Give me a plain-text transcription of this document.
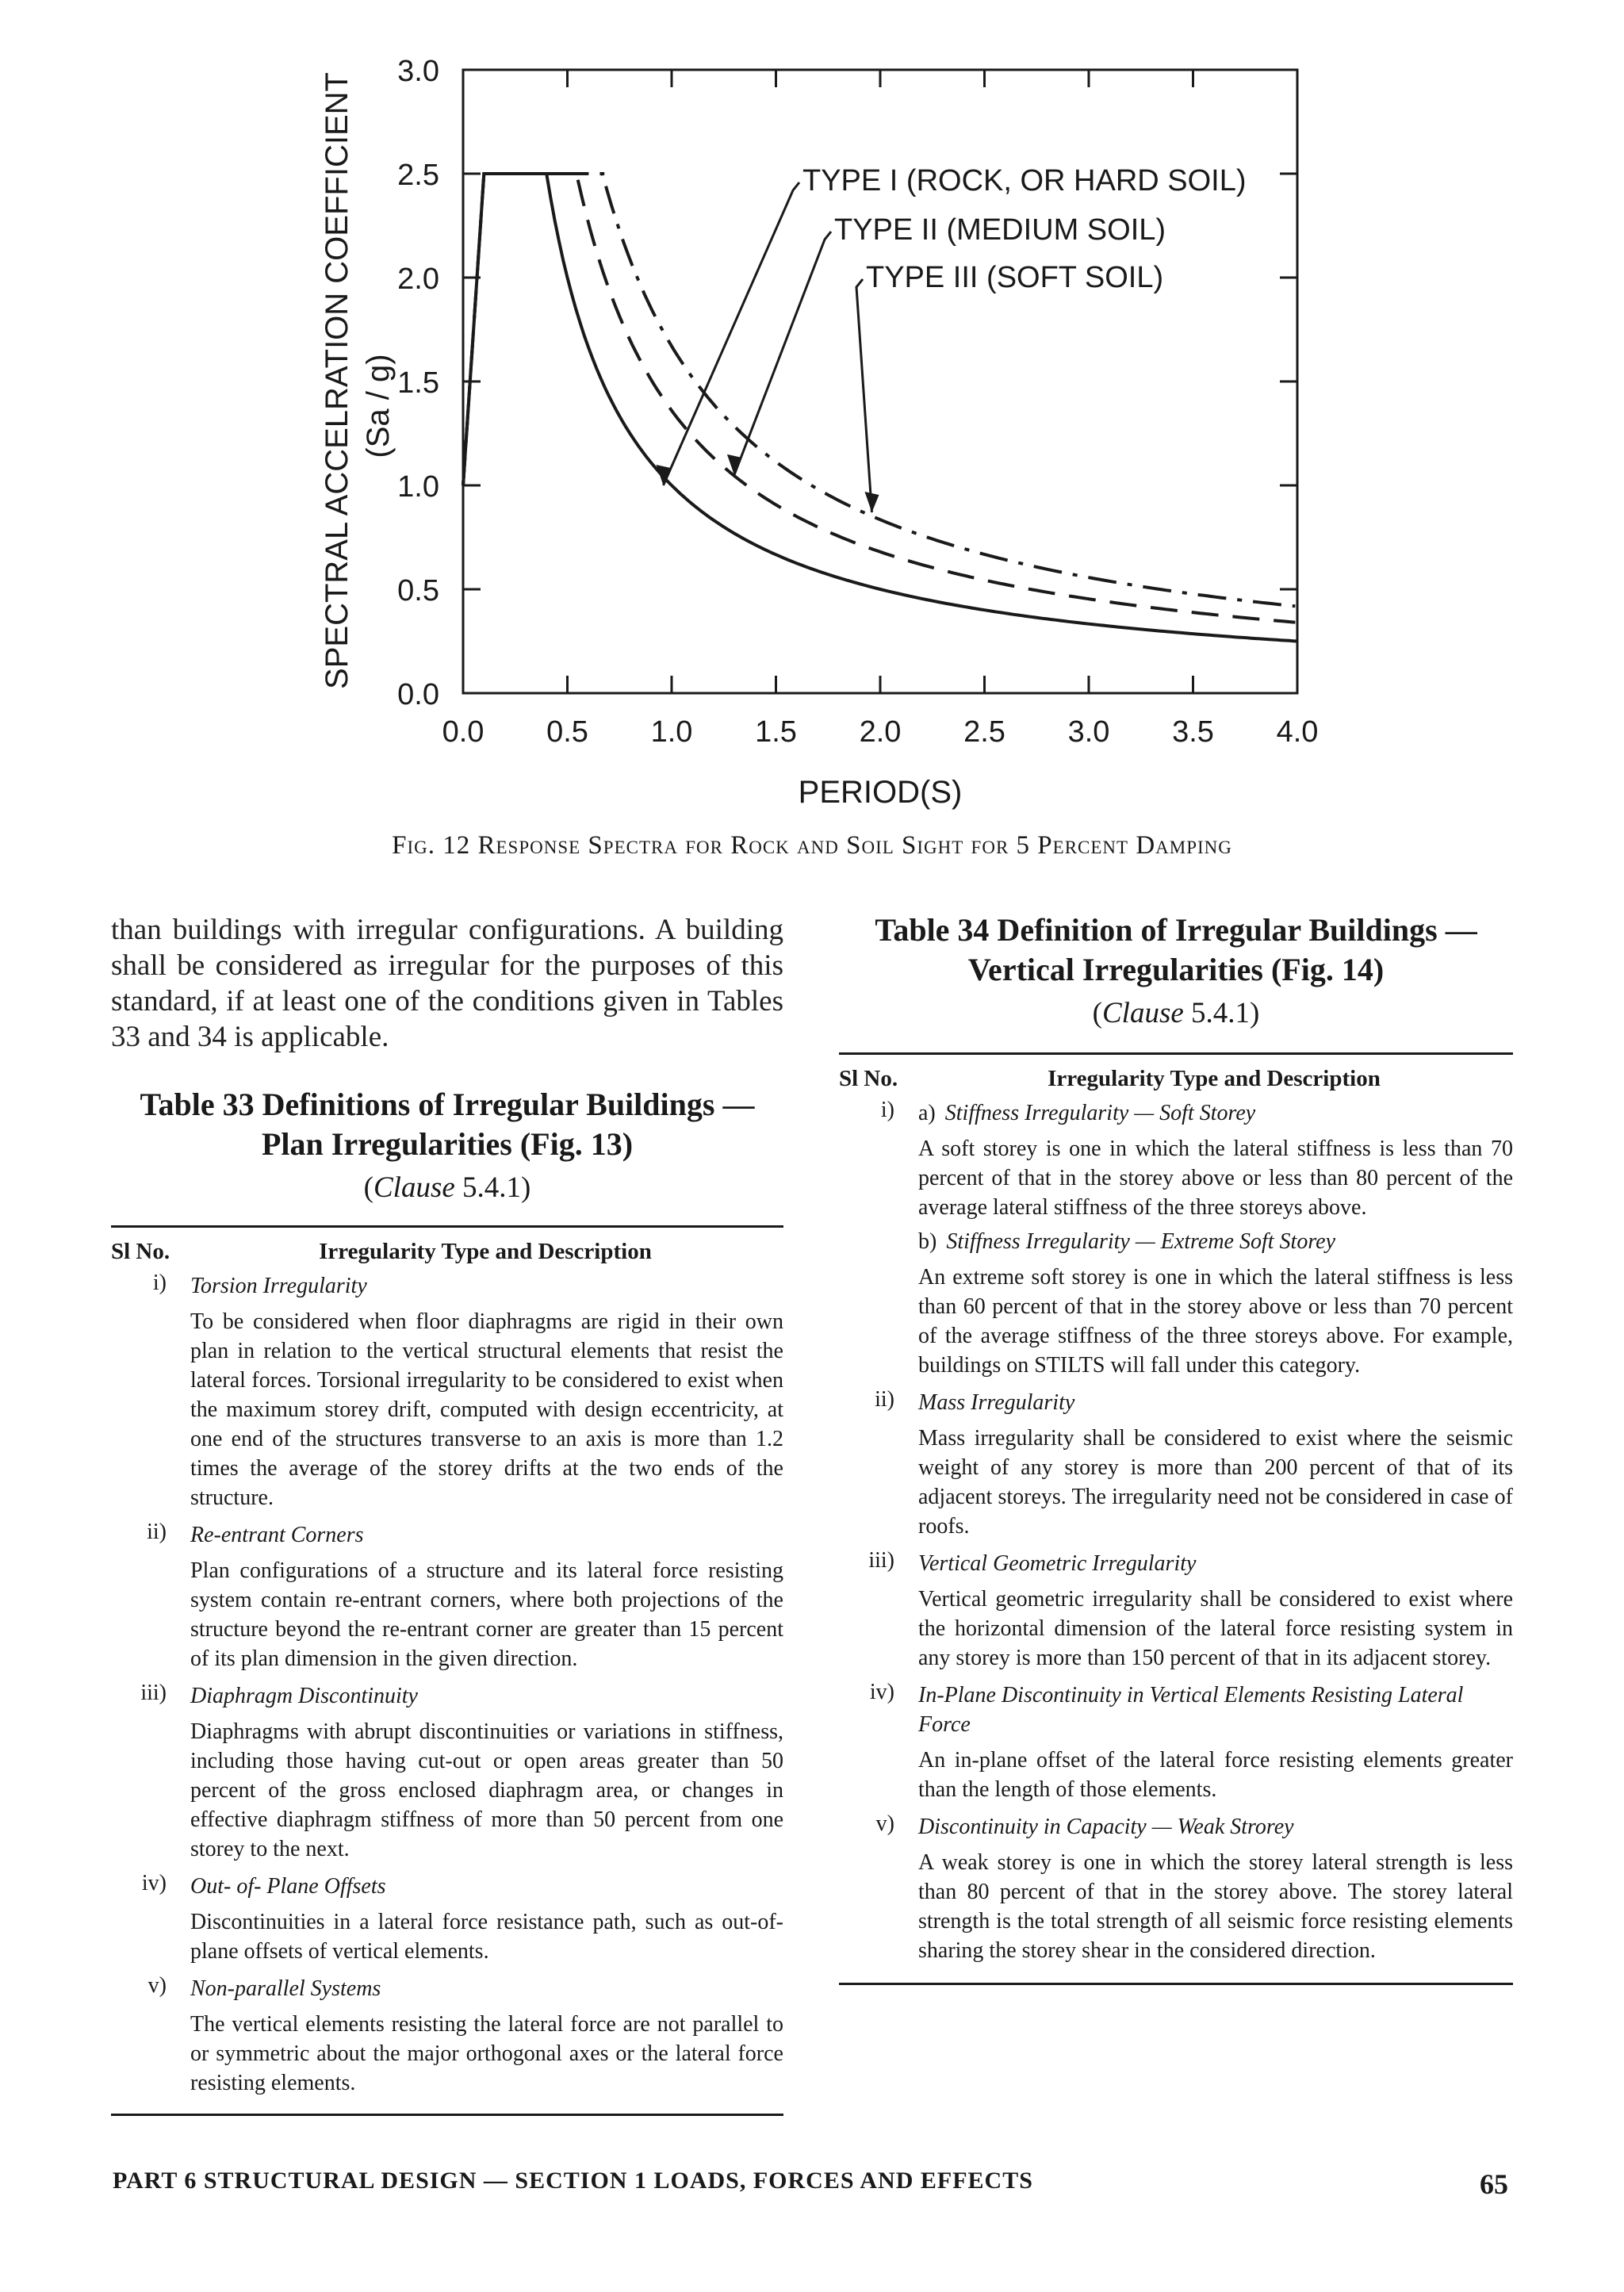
0.0
0.5
1.0
1.5
2.0
2.5
3.0
0.0 0.5 1.0 1.5 2.0 2.5 3.0 3.5 4.0
TYPE I (ROCK, OR HARD SOIL)
TYPE II (MEDIUM SOIL)
TYPE III (SOFT SOIL)
SPECTRAL ACCELRATION COEFFICIENT (Sa / g)
PERIOD(S)
Fig. 12 Response Spectra for Rock and Soil Sight for 5 Percent Damping
than buildings with irregular configurations. A building shall be considered as irregular for the purposes of this standard, if at least one of the conditions given in Tables 33 and 34 is applicable.
Table 33 Definitions of Irregular Buildings —
Plan Irregularities (Fig. 13)
(Clause 5.4.1)
Sl No.	Irregularity Type and Description
i)	Torsion Irregularity
To be considered when floor diaphragms are rigid in their own plan in relation to the vertical structural elements that resist the lateral forces. Torsional irregularity to be considered to exist when the maximum storey drift, computed with design eccentricity, at one end of the structures transverse to an axis is more than 1.2 times the average of the storey drifts at the two ends of the structure.
ii)	Re-entrant Corners
Plan configurations of a structure and its lateral force resisting system contain re-entrant corners, where both projections of the structure beyond the re-entrant corner are greater than 15 percent of its plan dimension in the given direction.
iii)	Diaphragm Discontinuity
Diaphragms with abrupt discontinuities or variations in stiffness, including those having cut-out or open areas greater than 50 percent of the gross enclosed diaphragm area, or changes in effective diaphragm stiffness of more than 50 percent from one storey to the next.
iv)	Out- of- Plane Offsets
Discontinuities in a lateral force resistance path, such as out-of-plane offsets of vertical elements.
v)	Non-parallel Systems
The vertical elements resisting the lateral force are not parallel to or symmetric about the major orthogonal axes or the lateral force resisting elements.
Table 34 Definition of Irregular Buildings —
Vertical Irregularities (Fig. 14)
(Clause 5.4.1)
Sl No.	Irregularity Type and Description
i)	a) Stiffness Irregularity — Soft Storey
A soft storey is one in which the lateral stiffness is less than 70 percent of that in the storey above or less than 80 percent of the average lateral stiffness of the three storeys above.
b) Stiffness Irregularity — Extreme Soft Storey
An extreme soft storey is one in which the lateral stiffness is less than 60 percent of that in the storey above or less than 70 percent of the average stiffness of the three storeys above. For example, buildings on STILTS will fall under this category.
ii)	Mass Irregularity
Mass irregularity shall be considered to exist where the seismic weight of any storey is more than 200 percent of that of its adjacent storeys. The irregularity need not be considered in case of roofs.
iii)	Vertical Geometric Irregularity
Vertical geometric irregularity shall be considered to exist where the horizontal dimension of the lateral force resisting system in any storey is more than 150 percent of that in its adjacent storey.
iv)	In-Plane Discontinuity in Vertical Elements Resisting Lateral Force
An in-plane offset of the lateral force resisting elements greater than the length of those elements.
v)	Discontinuity in Capacity — Weak Strorey
A weak storey is one in which the storey lateral strength is less than 80 percent of that in the storey above. The storey lateral strength is the total strength of all seismic force resisting elements sharing the storey shear in the considered direction.
PART 6 STRUCTURAL DESIGN — SECTION 1 LOADS, FORCES AND EFFECTS	65
